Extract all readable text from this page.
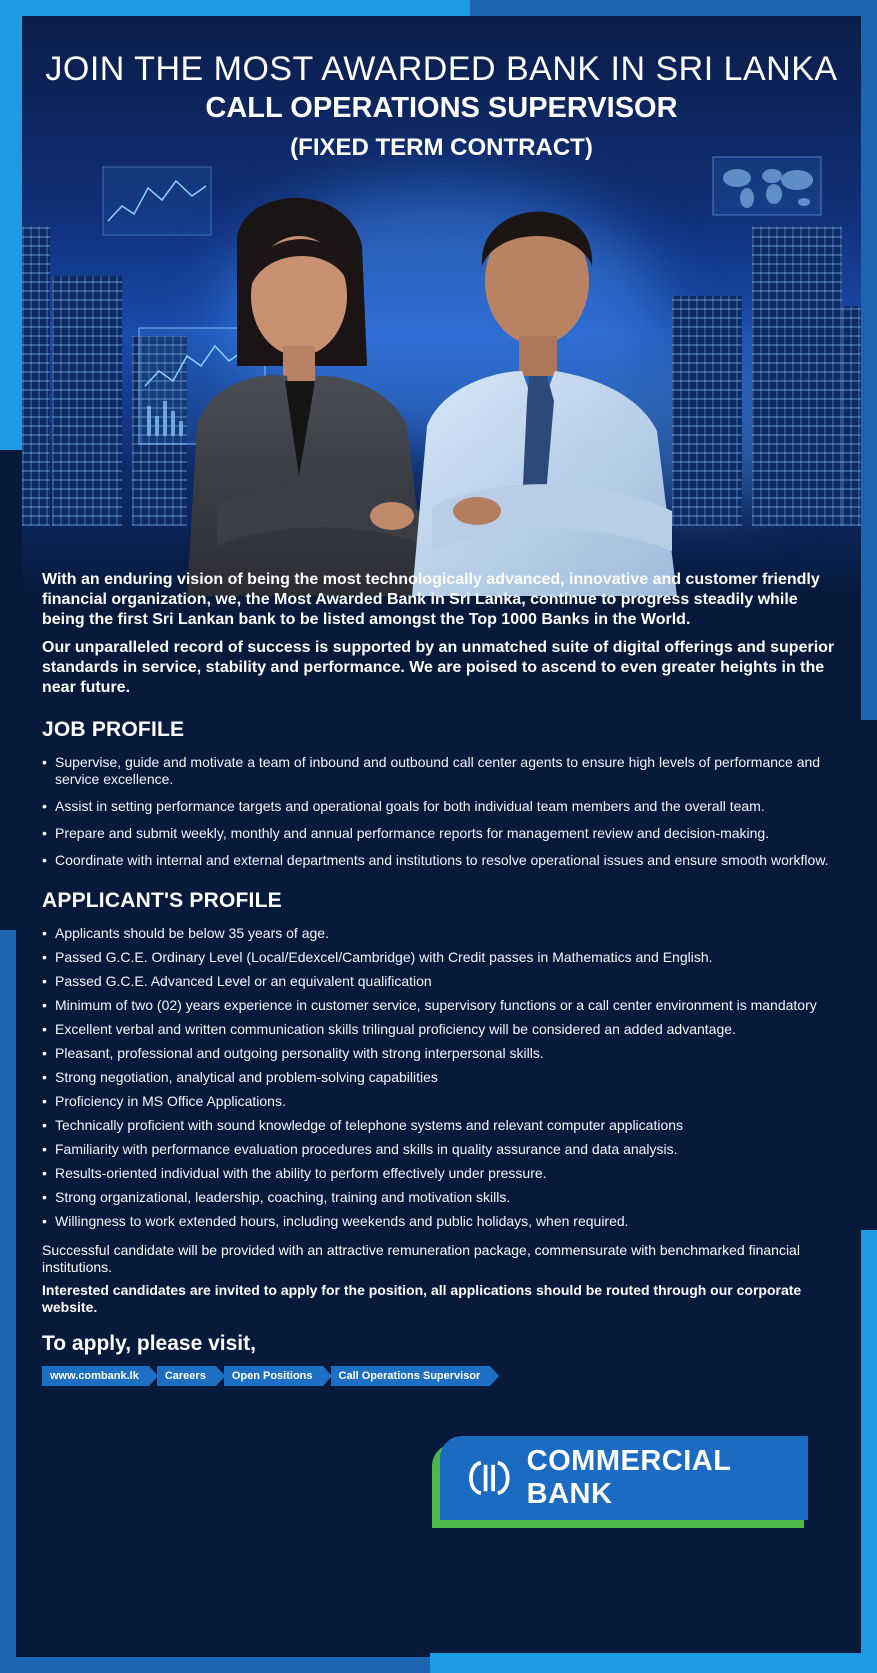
JOIN THE MOST AWARDED BANK IN SRI LANKA
CALL OPERATIONS SUPERVISOR
(FIXED TERM CONTRACT)

With an enduring vision of being the most technologically advanced, innovative and customer friendly financial organization, we, the Most Awarded Bank in Sri Lanka, continue to progress steadily while being the first Sri Lankan bank to be listed amongst the Top 1000 Banks in the World.

Our unparalleled record of success is supported by an unmatched suite of digital offerings and superior standards in service, stability and performance. We are poised to ascend to even greater heights in the near future.

JOB PROFILE
• Supervise, guide and motivate a team of inbound and outbound call center agents to ensure high levels of performance and service excellence.
• Assist in setting performance targets and operational goals for both individual team members and the overall team.
• Prepare and submit weekly, monthly and annual performance reports for management review and decision-making.
• Coordinate with internal and external departments and institutions to resolve operational issues and ensure smooth workflow.
APPLICANT'S PROFILE
• Applicants should be below 35 years of age.
• Passed G.C.E. Ordinary Level (Local/Edexcel/Cambridge) with Credit passes in Mathematics and English.
• Passed G.C.E. Advanced Level or an equivalent qualification
• Minimum of two (02) years experience in customer service, supervisory functions or a call center environment is mandatory
• Excellent verbal and written communication skills trilingual proficiency will be considered an added advantage.
• Pleasant, professional and outgoing personality with strong interpersonal skills.
• Strong negotiation, analytical and problem-solving capabilities
• Proficiency in MS Office Applications.
• Technically proficient with sound knowledge of telephone systems and relevant computer applications
• Familiarity with performance evaluation procedures and skills in quality assurance and data analysis.
• Results-oriented individual with the ability to perform effectively under pressure.
• Strong organizational, leadership, coaching, training and motivation skills.
• Willingness to work extended hours, including weekends and public holidays, when required.

Successful candidate will be provided with an attractive remuneration package, commensurate with benchmarked financial institutions.

Interested candidates are invited to apply for the position, all applications should be routed through our corporate website.

To apply, please visit,

www.combank.lk	Careers	Open Positions	Call Operations Supervisor
COMMERCIAL BANK
